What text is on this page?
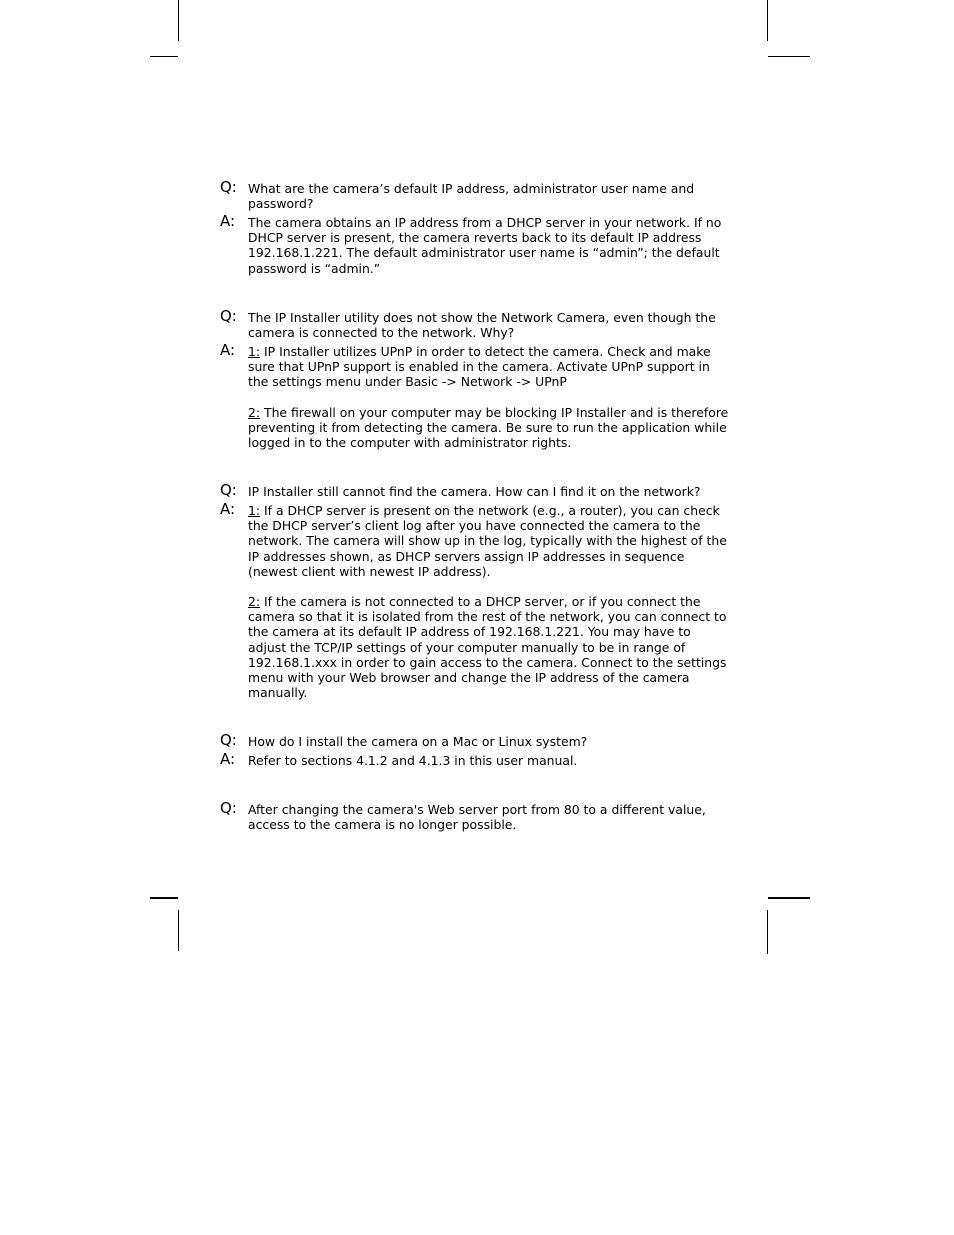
Q: What are the camera’s default IP address, administrator user name and password?
A: The camera obtains an IP address from a DHCP server in your network. If no DHCP server is present, the camera reverts back to its default IP address 192.168.1.221. The default administrator user name is “admin”; the default password is “admin.”
Q: The IP Installer utility does not show the Network Camera, even though the camera is connected to the network. Why?
A: 1: IP Installer utilizes UPnP in order to detect the camera. Check and make sure that UPnP support is enabled in the camera. Activate UPnP support in the settings menu under Basic -> Network -> UPnP
2: The firewall on your computer may be blocking IP Installer and is therefore preventing it from detecting the camera. Be sure to run the application while logged in to the computer with administrator rights.
Q: IP Installer still cannot find the camera. How can I find it on the network?
A: 1: If a DHCP server is present on the network (e.g., a router), you can check the DHCP server’s client log after you have connected the camera to the network. The camera will show up in the log, typically with the highest of the IP addresses shown, as DHCP servers assign IP addresses in sequence (newest client with newest IP address).
2: If the camera is not connected to a DHCP server, or if you connect the camera so that it is isolated from the rest of the network, you can connect to the camera at its default IP address of 192.168.1.221. You may have to adjust the TCP/IP settings of your computer manually to be in range of 192.168.1.xxx in order to gain access to the camera. Connect to the settings menu with your Web browser and change the IP address of the camera manually.
Q: How do I install the camera on a Mac or Linux system?
A: Refer to sections 4.1.2 and 4.1.3 in this user manual.
Q: After changing the camera's Web server port from 80 to a different value, access to the camera is no longer possible.
